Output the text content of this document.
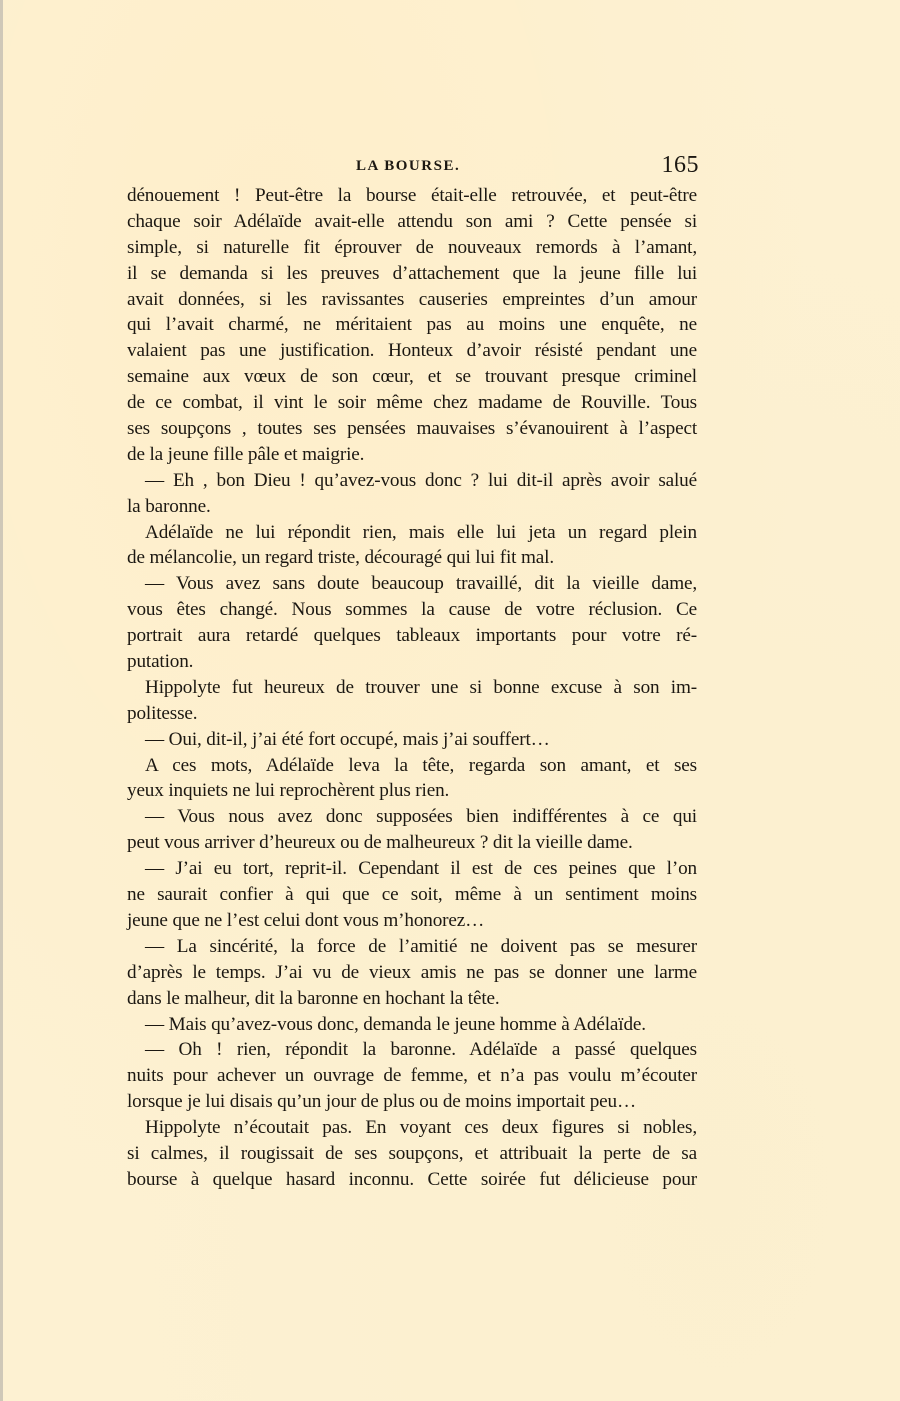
LA BOURSE.	165
dénouement ! Peut-être la bourse était-elle retrouvée, et peut-être
chaque soir Adélaïde avait-elle attendu son ami ? Cette pensée si
simple, si naturelle fit éprouver de nouveaux remords à l’amant,
il se demanda si les preuves d’attachement que la jeune fille lui
avait données, si les ravissantes causeries empreintes d’un amour
qui l’avait charmé, ne méritaient pas au moins une enquête, ne
valaient pas une justification. Honteux d’avoir résisté pendant une
semaine aux vœux de son cœur, et se trouvant presque criminel
de ce combat, il vint le soir même chez madame de Rouville. Tous
ses soupçons , toutes ses pensées mauvaises s’évanouirent à l’aspect
de la jeune fille pâle et maigrie.
— Eh , bon Dieu ! qu’avez-vous donc ? lui dit-il après avoir salué
la baronne.
Adélaïde ne lui répondit rien, mais elle lui jeta un regard plein
de mélancolie, un regard triste, découragé qui lui fit mal.
— Vous avez sans doute beaucoup travaillé, dit la vieille dame,
vous êtes changé. Nous sommes la cause de votre réclusion. Ce
portrait aura retardé quelques tableaux importants pour votre ré-
putation.
Hippolyte fut heureux de trouver une si bonne excuse à son im-
politesse.
— Oui, dit-il, j’ai été fort occupé, mais j’ai souffert…
A ces mots, Adélaïde leva la tête, regarda son amant, et ses
yeux inquiets ne lui reprochèrent plus rien.
— Vous nous avez donc supposées bien indifférentes à ce qui
peut vous arriver d’heureux ou de malheureux ? dit la vieille dame.
— J’ai eu tort, reprit-il. Cependant il est de ces peines que l’on
ne saurait confier à qui que ce soit, même à un sentiment moins
jeune que ne l’est celui dont vous m’honorez…
— La sincérité, la force de l’amitié ne doivent pas se mesurer
d’après le temps. J’ai vu de vieux amis ne pas se donner une larme
dans le malheur, dit la baronne en hochant la tête.
— Mais qu’avez-vous donc, demanda le jeune homme à Adélaïde.
— Oh ! rien, répondit la baronne. Adélaïde a passé quelques
nuits pour achever un ouvrage de femme, et n’a pas voulu m’écouter
lorsque je lui disais qu’un jour de plus ou de moins importait peu…
Hippolyte n’écoutait pas. En voyant ces deux figures si nobles,
si calmes, il rougissait de ses soupçons, et attribuait la perte de sa
bourse à quelque hasard inconnu. Cette soirée fut délicieuse pour
